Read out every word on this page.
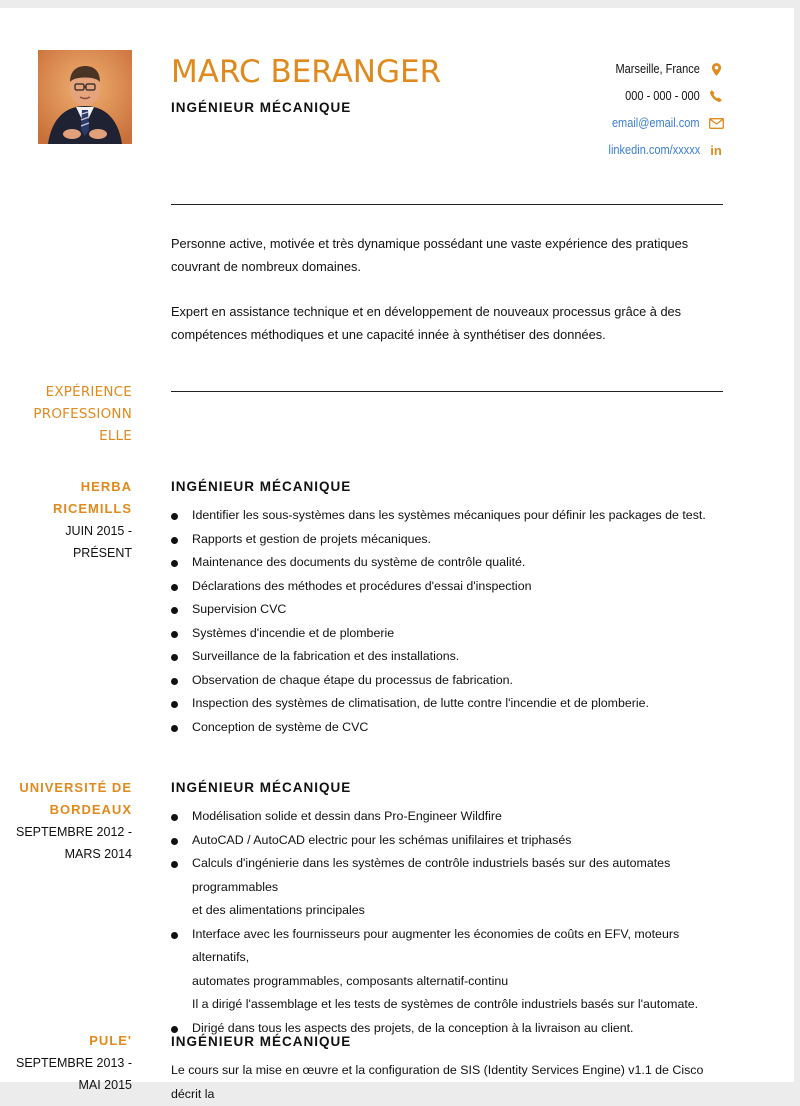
MARC BERANGER
INGÉNIEUR MÉCANIQUE
Marseille, France
000 - 000 - 000
email@email.com
linkedin.com/xxxxx in

Personne active, motivée et très dynamique possédant une vaste expérience des pratiques couvrant de nombreux domaines.

Expert en assistance technique et en développement de nouveaux processus grâce à des compétences méthodiques et une capacité innée à synthétiser des données.

EXPÉRIENCE
PROFESSIONN
ELLE
HERBA
RICEMILLS
JUIN 2015 -
PRÉSENT
INGÉNIEUR MÉCANIQUE
Identifier les sous-systèmes dans les systèmes mécaniques pour définir les packages de test.
Rapports et gestion de projets mécaniques.
Maintenance des documents du système de contrôle qualité.
Déclarations des méthodes et procédures d'essai d'inspection
Supervision CVC
Systèmes d'incendie et de plomberie
Surveillance de la fabrication et des installations.
Observation de chaque étape du processus de fabrication.
Inspection des systèmes de climatisation, de lutte contre l'incendie et de plomberie.
Conception de système de CVC
UNIVERSITÉ DE
BORDEAUX
SEPTEMBRE 2012 -
MARS 2014
INGÉNIEUR MÉCANIQUE
Modélisation solide et dessin dans Pro-Engineer Wildfire
AutoCAD / AutoCAD electric pour les schémas unifilaires et triphasés
Calculs d'ingénierie dans les systèmes de contrôle industriels basés sur des automates programmables
et des alimentations principales
Interface avec les fournisseurs pour augmenter les économies de coûts en EFV, moteurs alternatifs,
automates programmables, composants alternatif-continu
Il a dirigé l'assemblage et les tests de systèmes de contrôle industriels basés sur l'automate.
Dirigé dans tous les aspects des projets, de la conception à la livraison au client.
PULE'
SEPTEMBRE 2013 -
MAI 2015
INGÉNIEUR MÉCANIQUE

Le cours sur la mise en œuvre et la configuration de SIS (Identity Services Engine) v1.1 de Cisco décrit la
